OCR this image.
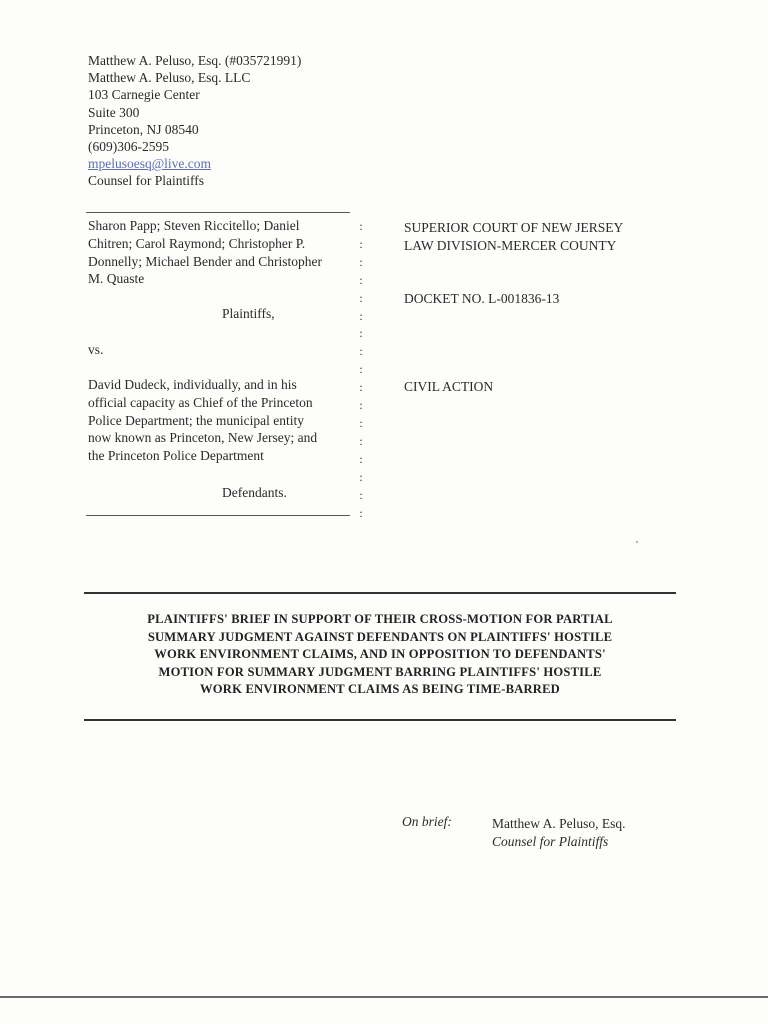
Matthew A. Peluso, Esq. (#035721991)
Matthew A. Peluso, Esq. LLC
103 Carnegie Center
Suite 300
Princeton, NJ 08540
(609)306-2595
mpelusoesq@live.com
Counsel for Plaintiffs
Sharon Papp; Steven Riccitello; Daniel
Chitren; Carol Raymond; Christopher P.
Donnelly; Michael Bender and Christopher
M. Quaste
Plaintiffs,
vs.
David Dudeck, individually, and in his
official capacity as Chief of the Princeton
Police Department; the municipal entity
now known as Princeton, New Jersey; and
the Princeton Police Department
Defendants.
:
:
:
:
:
:
:
:
:
:
:
:
:
:
:
:
:
SUPERIOR COURT OF NEW JERSEY
LAW DIVISION-MERCER COUNTY
DOCKET NO. L-001836-13
CIVIL ACTION
PLAINTIFFS' BRIEF IN SUPPORT OF THEIR CROSS-MOTION FOR PARTIAL
SUMMARY JUDGMENT AGAINST DEFENDANTS ON PLAINTIFFS' HOSTILE
WORK ENVIRONMENT CLAIMS, AND IN OPPOSITION TO DEFENDANTS'
MOTION FOR SUMMARY JUDGMENT BARRING PLAINTIFFS' HOSTILE
WORK ENVIRONMENT CLAIMS AS BEING TIME-BARRED
On brief:	Matthew A. Peluso, Esq.
Counsel for Plaintiffs
